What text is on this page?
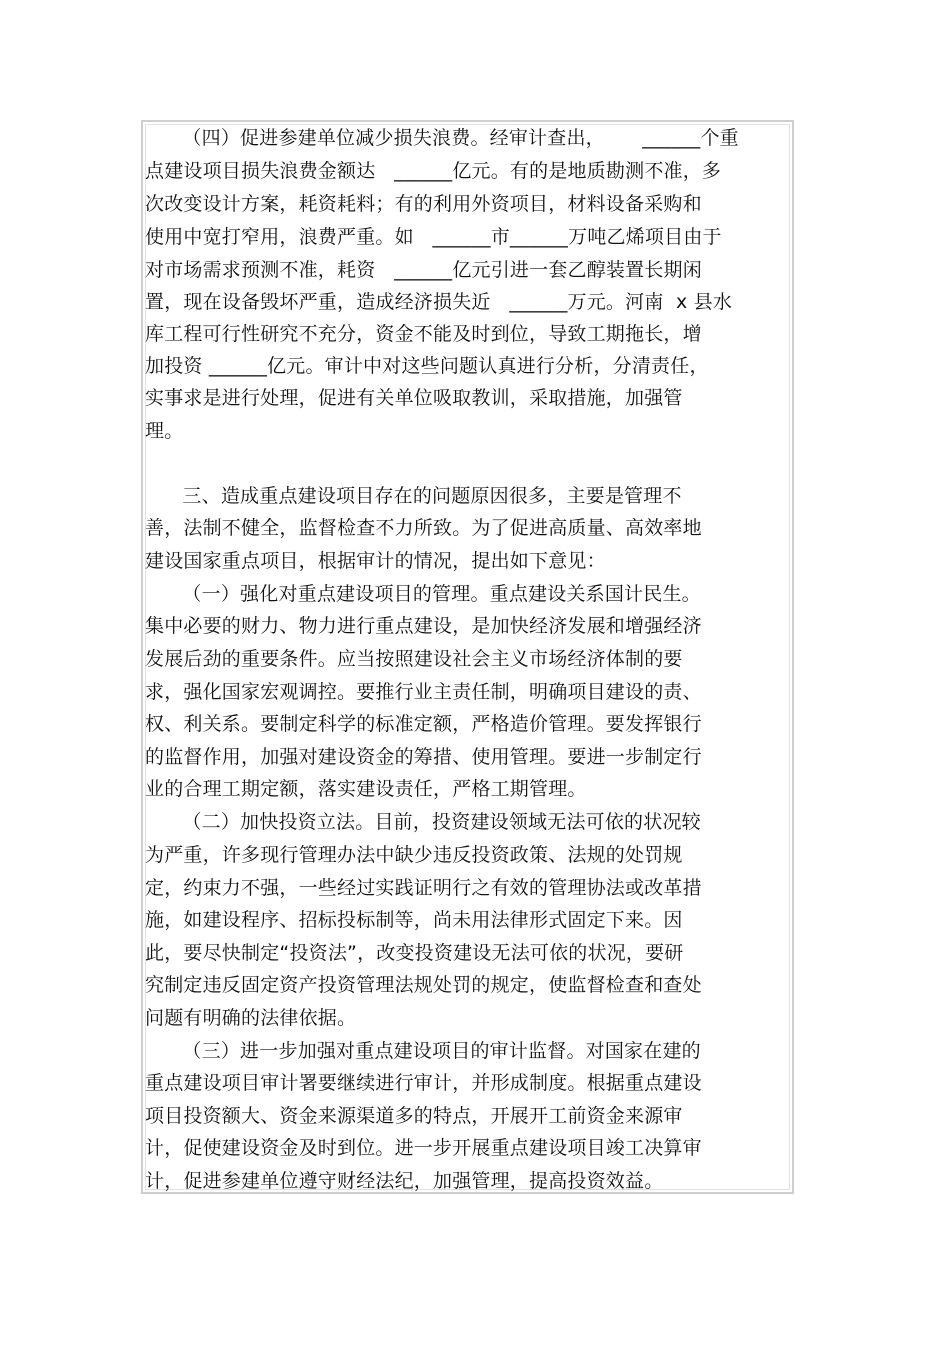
（四）促进参建单位减少损失浪费。经审计查出，      ______个重
点建设项目损失浪费金额达   ______亿元。有的是地质勘测不准，多
次改变设计方案，耗资耗料；有的利用外资项目，材料设备采购和
使用中宽打窄用，浪费严重。如   ______市______万吨乙烯项目由于
对市场需求预测不准，耗资   ______亿元引进一套乙醇装置长期闲
置，现在设备毁坏严重，造成经济损失近   ______万元。河南  x 县水
库工程可行性研究不充分，资金不能及时到位，导致工期拖长，增
加投资 ______亿元。审计中对这些问题认真进行分析，分清责任，
实事求是进行处理，促进有关单位吸取教训，采取措施，加强管
理。
三、造成重点建设项目存在的问题原因很多，主要是管理不
善，法制不健全，监督检查不力所致。为了促进高质量、高效率地
建设国家重点项目，根据审计的情况，提出如下意见：
（一）强化对重点建设项目的管理。重点建设关系国计民生。
集中必要的财力、物力进行重点建设，是加快经济发展和增强经济
发展后劲的重要条件。应当按照建设社会主义市场经济体制的要
求，强化国家宏观调控。要推行业主责任制，明确项目建设的责、
权、利关系。要制定科学的标准定额，严格造价管理。要发挥银行
的监督作用，加强对建设资金的筹措、使用管理。要进一步制定行
业的合理工期定额，落实建设责任，严格工期管理。
（二）加快投资立法。目前，投资建设领域无法可依的状况较
为严重，许多现行管理办法中缺少违反投资政策、法规的处罚规
定，约束力不强，一些经过实践证明行之有效的管理协法或改革措
施，如建设程序、招标投标制等，尚未用法律形式固定下来。因
此，要尽快制定“投资法”，改变投资建设无法可依的状况，要研
究制定违反固定资产投资管理法规处罚的规定，使监督检查和查处
问题有明确的法律依据。
（三）进一步加强对重点建设项目的审计监督。对国家在建的
重点建设项目审计署要继续进行审计，并形成制度。根据重点建设
项目投资额大、资金来源渠道多的特点，开展开工前资金来源审
计，促使建设资金及时到位。进一步开展重点建设项目竣工决算审
计，促进参建单位遵守财经法纪，加强管理，提高投资效益。
